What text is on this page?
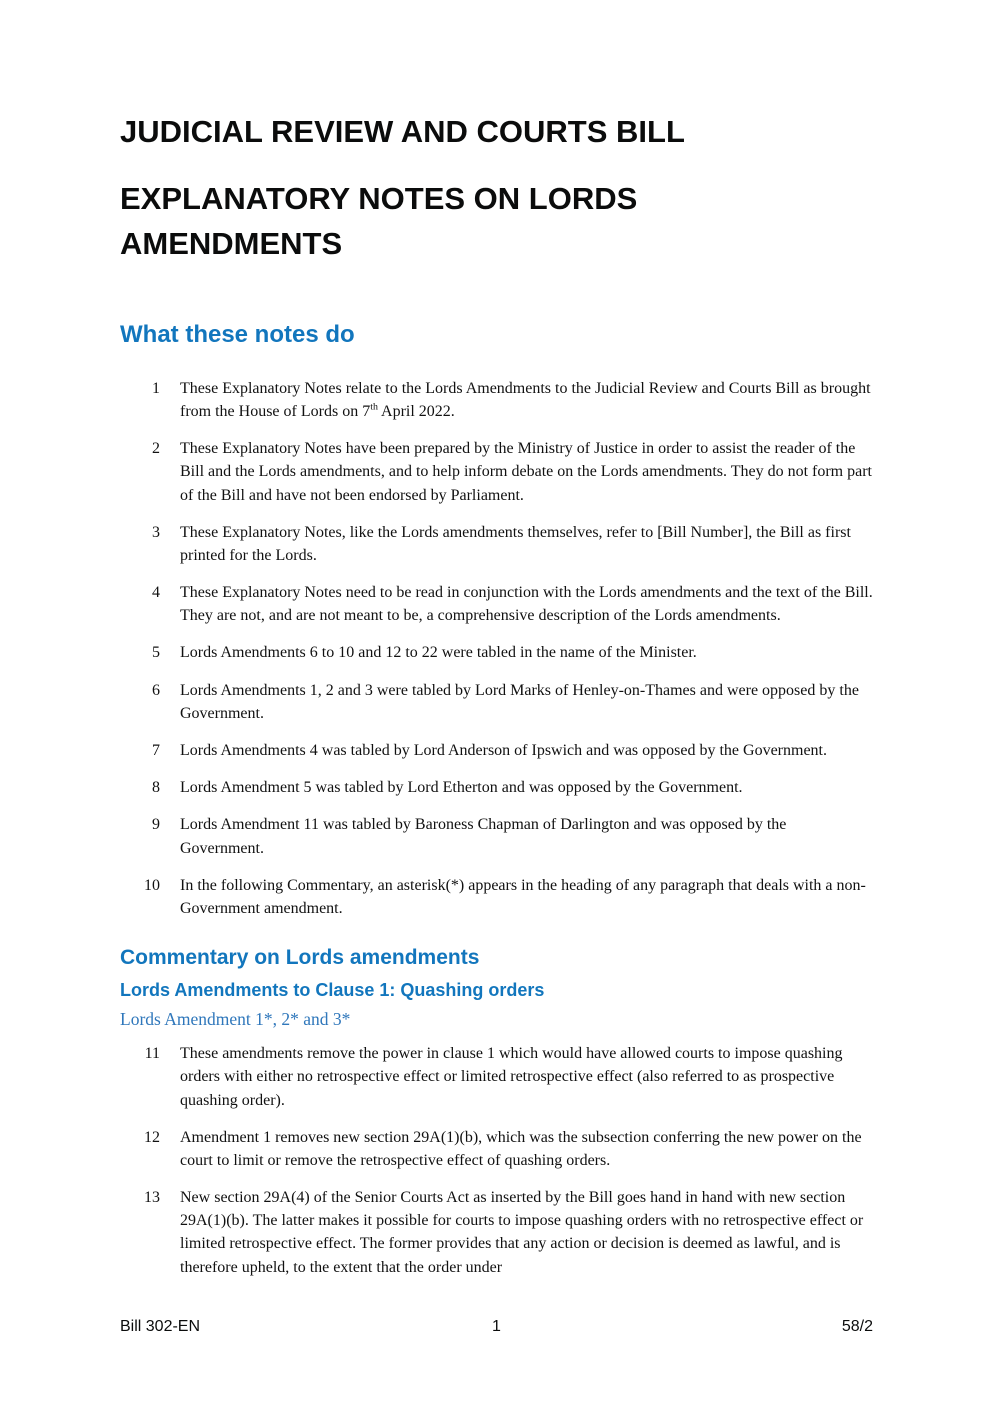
JUDICIAL REVIEW AND COURTS BILL
EXPLANATORY NOTES ON LORDS AMENDMENTS
What these notes do
1 These Explanatory Notes relate to the Lords Amendments to the Judicial Review and Courts Bill as brought from the House of Lords on 7th April 2022.
2 These Explanatory Notes have been prepared by the Ministry of Justice in order to assist the reader of the Bill and the Lords amendments, and to help inform debate on the Lords amendments. They do not form part of the Bill and have not been endorsed by Parliament.
3 These Explanatory Notes, like the Lords amendments themselves, refer to [Bill Number], the Bill as first printed for the Lords.
4 These Explanatory Notes need to be read in conjunction with the Lords amendments and the text of the Bill. They are not, and are not meant to be, a comprehensive description of the Lords amendments.
5 Lords Amendments 6 to 10 and 12 to 22 were tabled in the name of the Minister.
6 Lords Amendments 1, 2 and 3 were tabled by Lord Marks of Henley-on-Thames and were opposed by the Government.
7 Lords Amendments 4 was tabled by Lord Anderson of Ipswich and was opposed by the Government.
8 Lords Amendment 5 was tabled by Lord Etherton and was opposed by the Government.
9 Lords Amendment 11 was tabled by Baroness Chapman of Darlington and was opposed by the Government.
10 In the following Commentary, an asterisk(*) appears in the heading of any paragraph that deals with a non-Government amendment.
Commentary on Lords amendments
Lords Amendments to Clause 1: Quashing orders
Lords Amendment 1*, 2* and 3*
11 These amendments remove the power in clause 1 which would have allowed courts to impose quashing orders with either no retrospective effect or limited retrospective effect (also referred to as prospective quashing order).
12 Amendment 1 removes new section 29A(1)(b), which was the subsection conferring the new power on the court to limit or remove the retrospective effect of quashing orders.
13 New section 29A(4) of the Senior Courts Act as inserted by the Bill goes hand in hand with new section 29A(1)(b). The latter makes it possible for courts to impose quashing orders with no retrospective effect or limited retrospective effect. The former provides that any action or decision is deemed as lawful, and is therefore upheld, to the extent that the order under
Bill 302-EN	1	58/2
